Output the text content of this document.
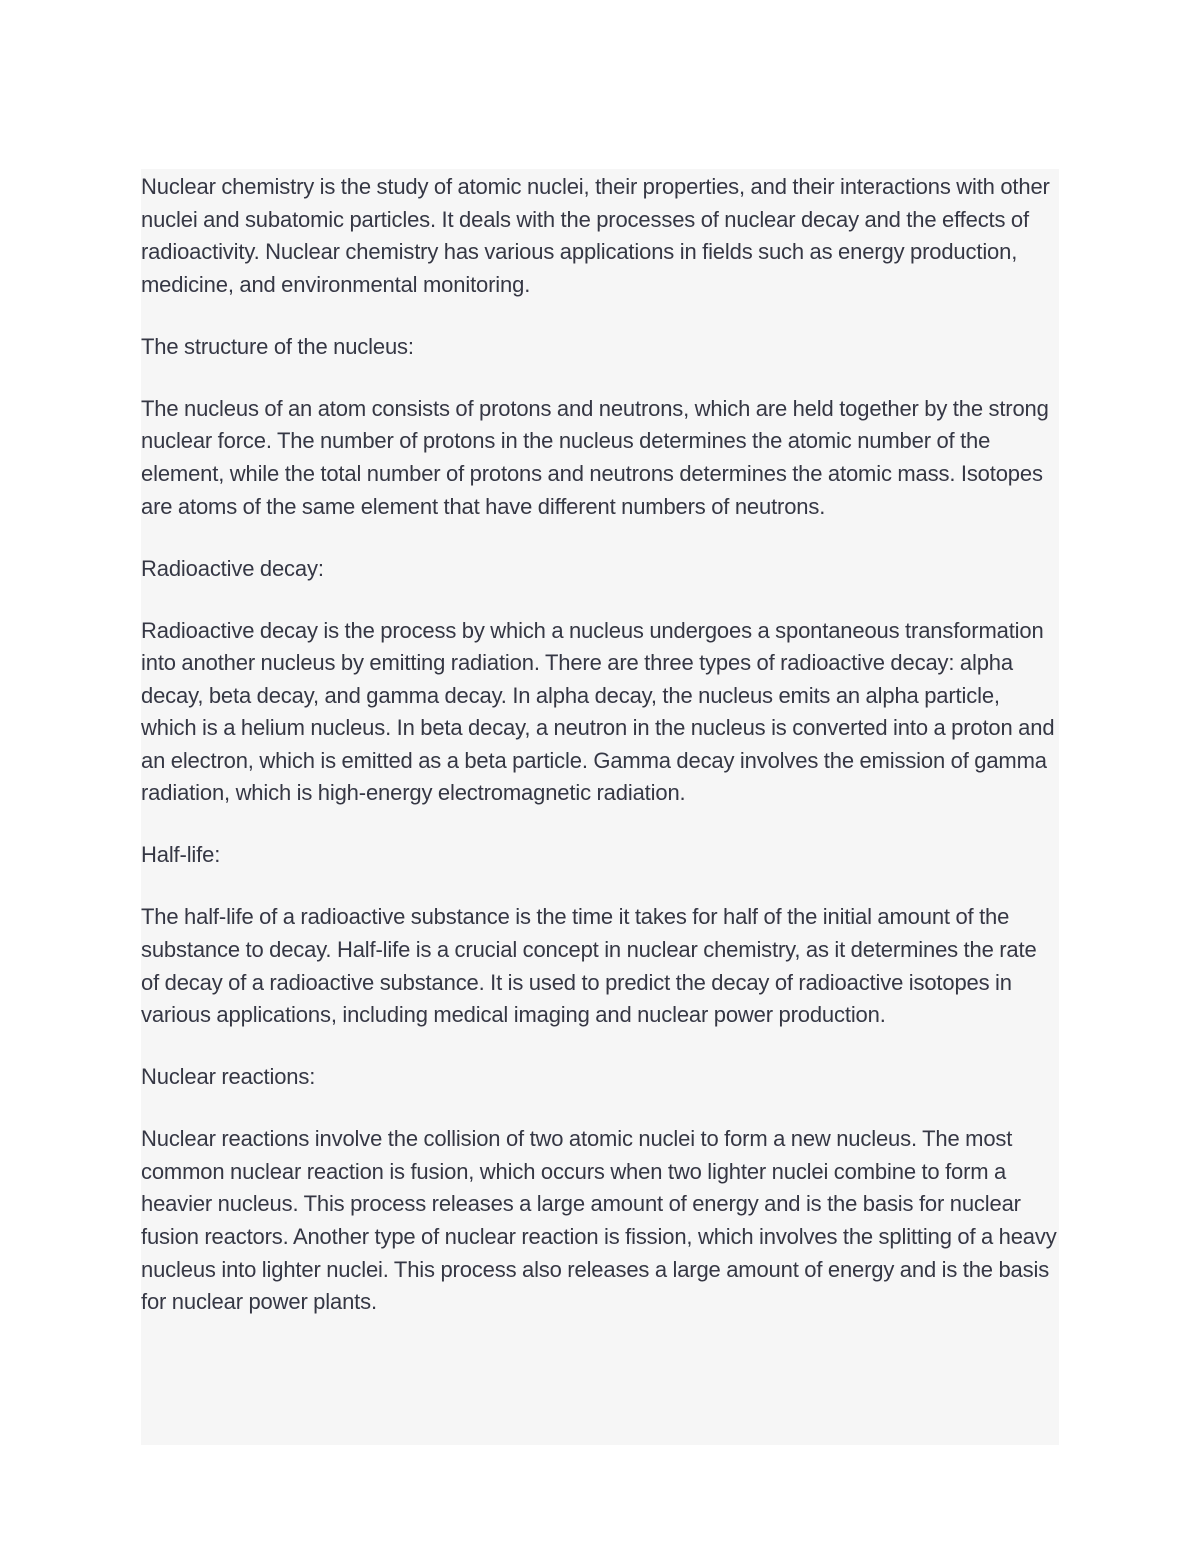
Nuclear chemistry is the study of atomic nuclei, their properties, and their interactions with other nuclei and subatomic particles. It deals with the processes of nuclear decay and the effects of radioactivity. Nuclear chemistry has various applications in fields such as energy production, medicine, and environmental monitoring.

The structure of the nucleus:

The nucleus of an atom consists of protons and neutrons, which are held together by the strong nuclear force. The number of protons in the nucleus determines the atomic number of the element, while the total number of protons and neutrons determines the atomic mass. Isotopes are atoms of the same element that have different numbers of neutrons.

Radioactive decay:

Radioactive decay is the process by which a nucleus undergoes a spontaneous transformation into another nucleus by emitting radiation. There are three types of radioactive decay: alpha decay, beta decay, and gamma decay. In alpha decay, the nucleus emits an alpha particle, which is a helium nucleus. In beta decay, a neutron in the nucleus is converted into a proton and an electron, which is emitted as a beta particle. Gamma decay involves the emission of gamma radiation, which is high-energy electromagnetic radiation.

Half-life:

The half-life of a radioactive substance is the time it takes for half of the initial amount of the substance to decay. Half-life is a crucial concept in nuclear chemistry, as it determines the rate of decay of a radioactive substance. It is used to predict the decay of radioactive isotopes in various applications, including medical imaging and nuclear power production.

Nuclear reactions:

Nuclear reactions involve the collision of two atomic nuclei to form a new nucleus. The most common nuclear reaction is fusion, which occurs when two lighter nuclei combine to form a heavier nucleus. This process releases a large amount of energy and is the basis for nuclear fusion reactors. Another type of nuclear reaction is fission, which involves the splitting of a heavy nucleus into lighter nuclei. This process also releases a large amount of energy and is the basis for nuclear power plants.
